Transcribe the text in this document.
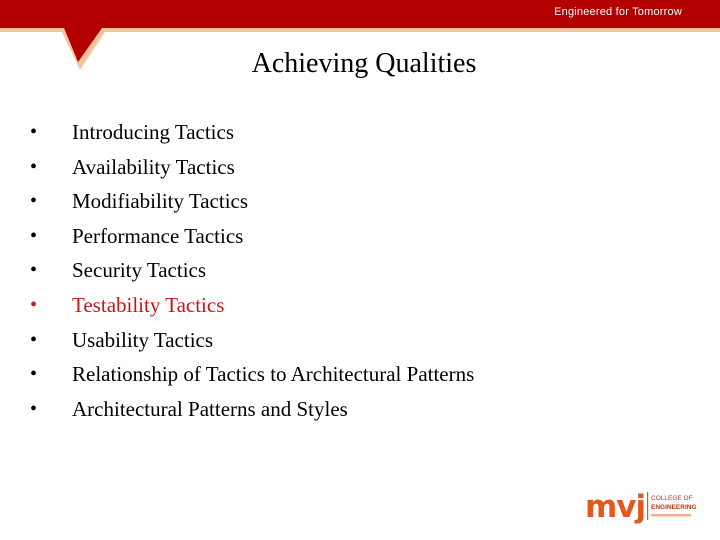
Engineered for Tomorrow
Achieving Qualities
•	Introducing Tactics
•	Availability Tactics
•	Modifiability Tactics
•	Performance Tactics
•	Security Tactics
•	Testability Tactics
•	Usability Tactics
•	Relationship of Tactics to Architectural Patterns
•	Architectural Patterns and Styles
mvj COLLEGE OF
ENGINEERING
